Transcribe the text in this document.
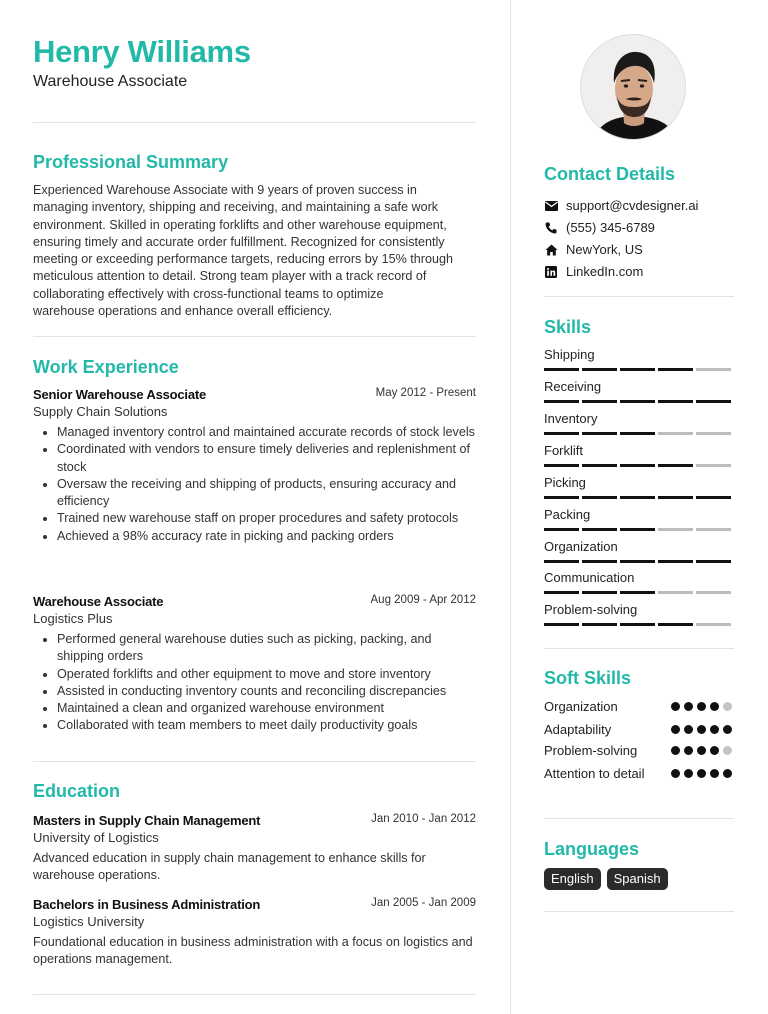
Henry Williams
Warehouse Associate
Professional Summary
Experienced Warehouse Associate with 9 years of proven success in
managing inventory, shipping and receiving, and maintaining a safe work
environment. Skilled in operating forklifts and other warehouse equipment,
ensuring timely and accurate order fulfillment. Recognized for consistently
meeting or exceeding performance targets, reducing errors by 15% through
meticulous attention to detail. Strong team player with a track record of
collaborating effectively with cross-functional teams to optimize
warehouse operations and enhance overall efficiency.
Work Experience
Senior Warehouse Associate	May 2012 - Present
Supply Chain Solutions
Managed inventory control and maintained accurate records of stock levels
Coordinated with vendors to ensure timely deliveries and replenishment of stock
Oversaw the receiving and shipping of products, ensuring accuracy and efficiency
Trained new warehouse staff on proper procedures and safety protocols
Achieved a 98% accuracy rate in picking and packing orders
Warehouse Associate	Aug 2009 - Apr 2012
Logistics Plus
Performed general warehouse duties such as picking, packing, and shipping orders
Operated forklifts and other equipment to move and store inventory
Assisted in conducting inventory counts and reconciling discrepancies
Maintained a clean and organized warehouse environment
Collaborated with team members to meet daily productivity goals
Education
Masters in Supply Chain Management	Jan 2010 - Jan 2012
University of Logistics
Advanced education in supply chain management to enhance skills for warehouse operations.
Bachelors in Business Administration	Jan 2005 - Jan 2009
Logistics University
Foundational education in business administration with a focus on logistics and operations management.
Contact Details
support@cvdesigner.ai
(555) 345-6789
NewYork, US
LinkedIn.com
Skills
Shipping
Receiving
Inventory
Forklift
Picking
Packing
Organization
Communication
Problem-solving
Soft Skills
Organization
Adaptability
Problem-solving
Attention to detail
Languages
English	Spanish
